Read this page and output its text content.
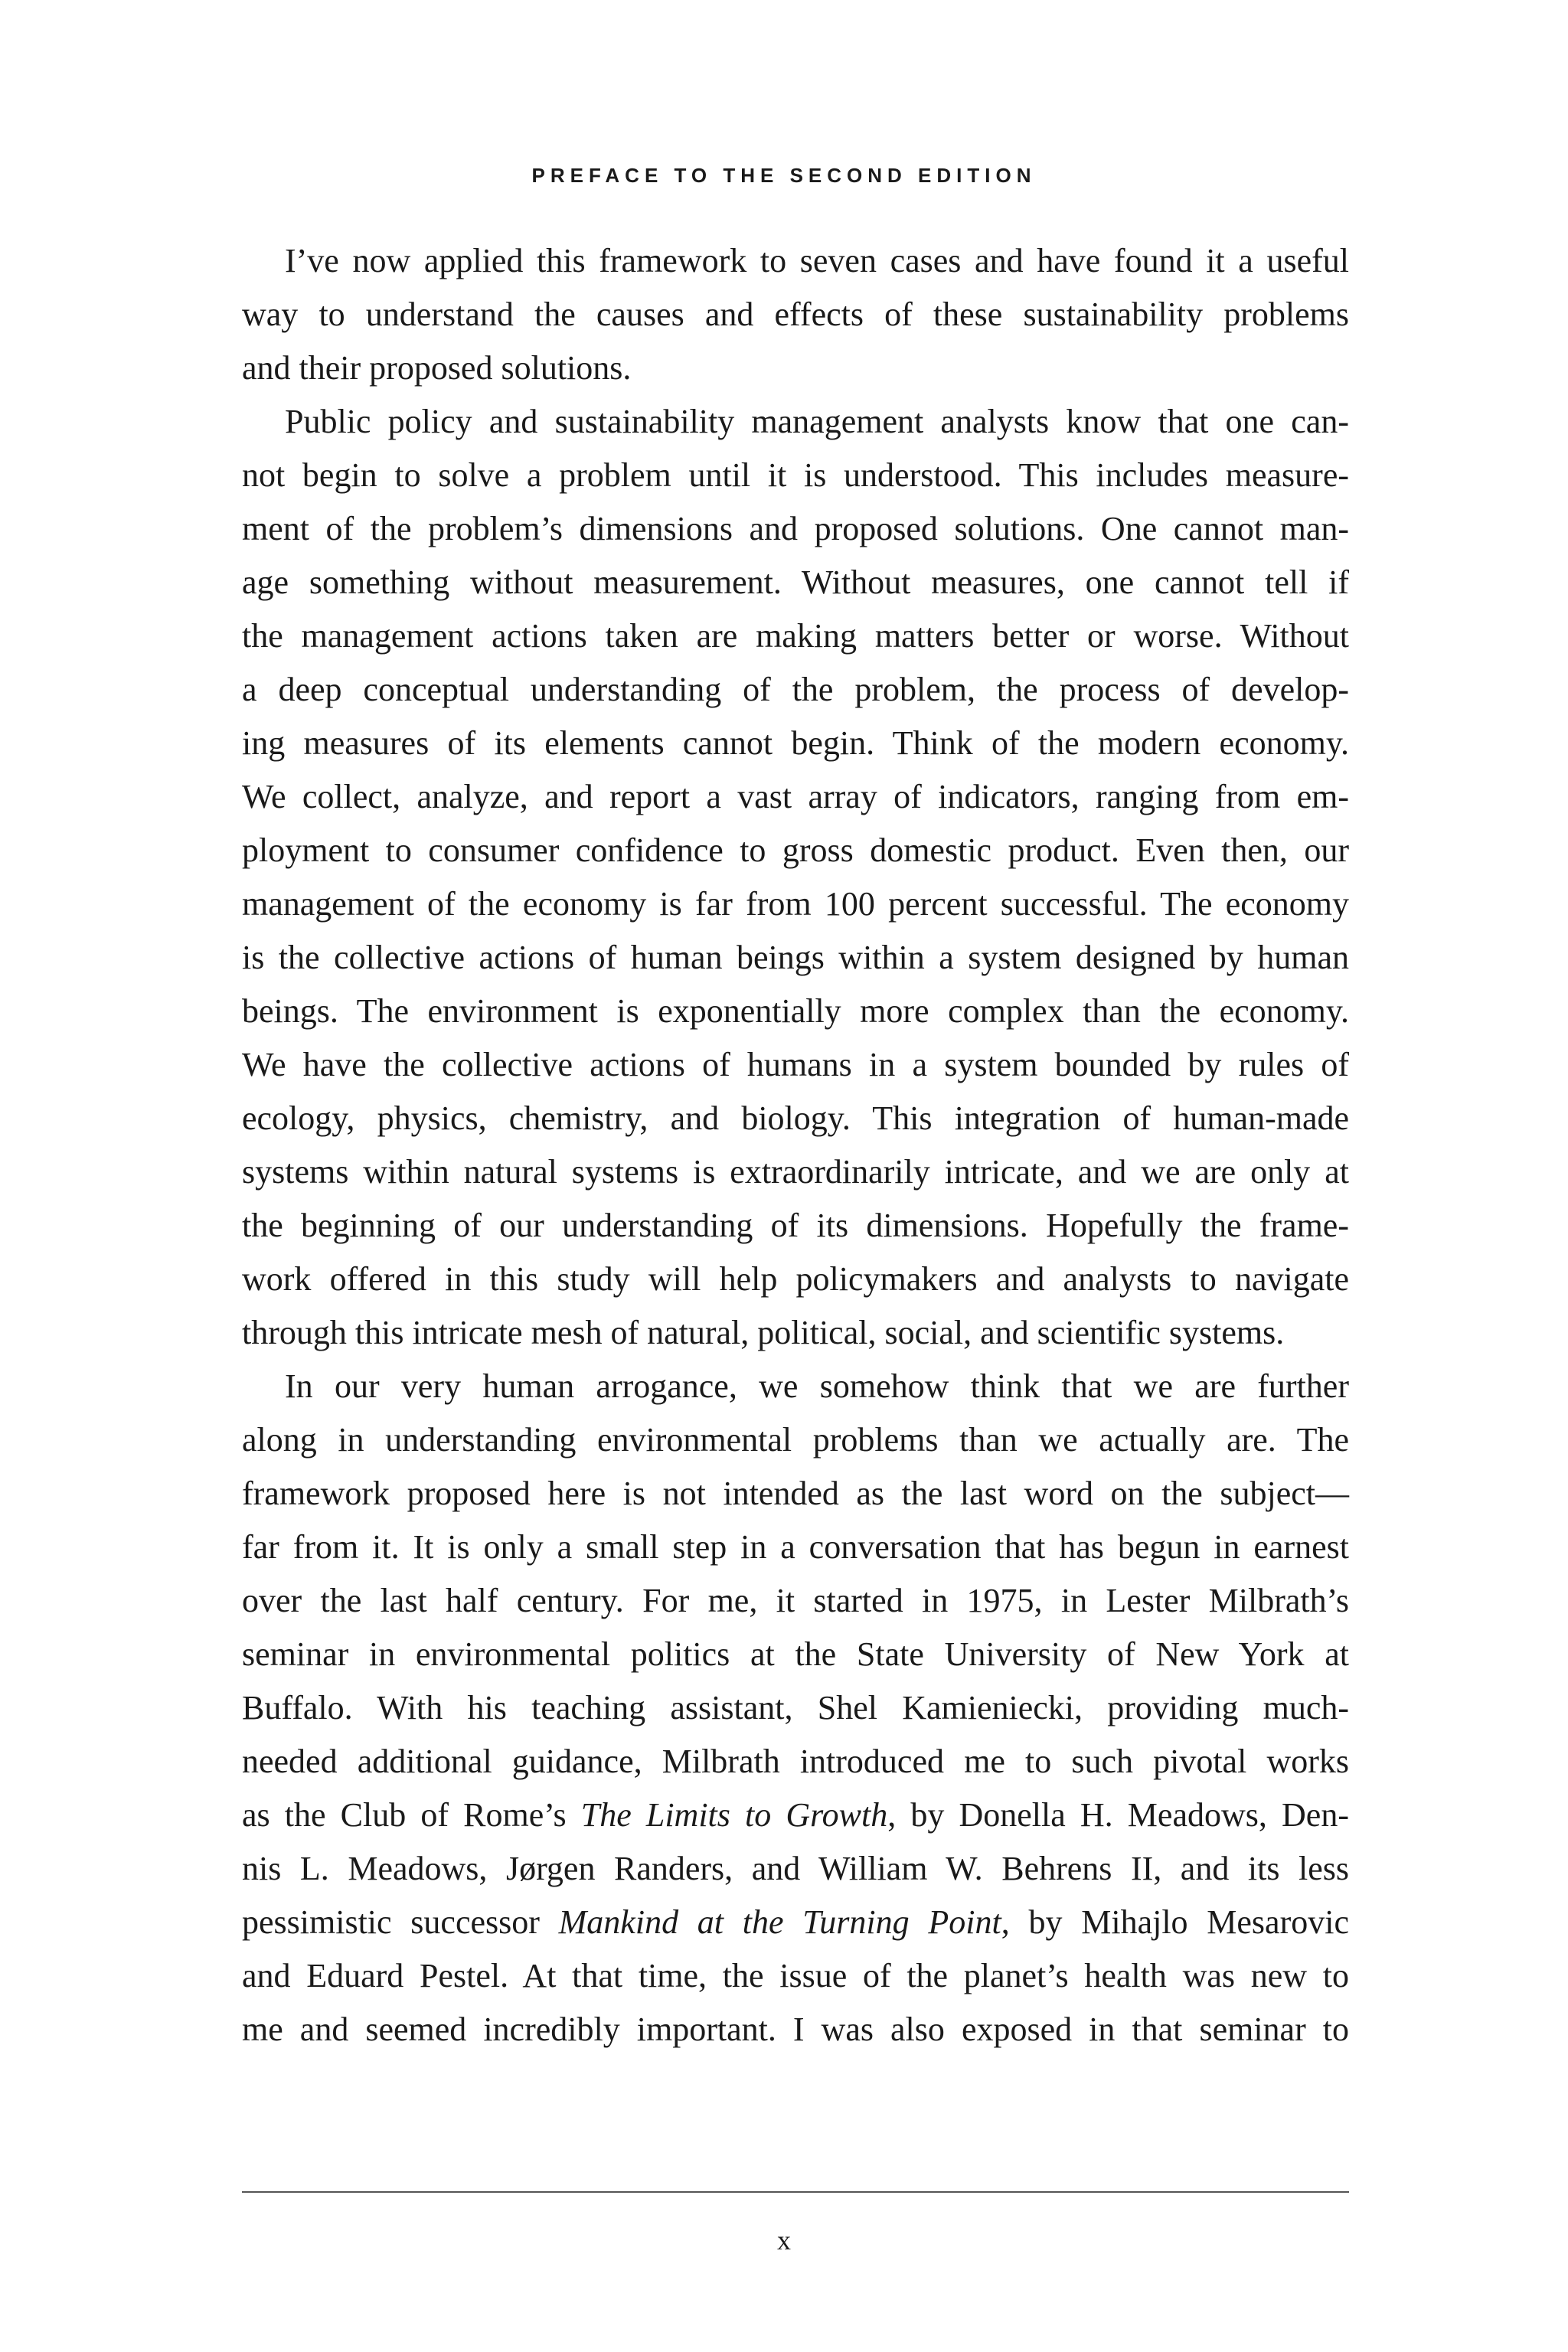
PREFACE TO THE SECOND EDITION
I’ve now applied this framework to seven cases and have found it a useful
way to understand the causes and effects of these sustainability problems
and their proposed solutions.
Public policy and sustainability management analysts know that one can-
not begin to solve a problem until it is understood. This includes measure-
ment of the problem’s dimensions and proposed solutions. One cannot man-
age something without measurement. Without measures, one cannot tell if
the management actions taken are making matters better or worse. Without
a deep conceptual understanding of the problem, the process of develop-
ing measures of its elements cannot begin. Think of the modern economy.
We collect, analyze, and report a vast array of indicators, ranging from em-
ployment to consumer confidence to gross domestic product. Even then, our
management of the economy is far from 100 percent successful. The economy
is the collective actions of human beings within a system designed by human
beings. The environment is exponentially more complex than the economy.
We have the collective actions of humans in a system bounded by rules of
ecology, physics, chemistry, and biology. This integration of human-made
systems within natural systems is extraordinarily intricate, and we are only at
the beginning of our understanding of its dimensions. Hopefully the frame-
work offered in this study will help policymakers and analysts to navigate
through this intricate mesh of natural, political, social, and scientific systems.
In our very human arrogance, we somehow think that we are further
along in understanding environmental problems than we actually are. The
framework proposed here is not intended as the last word on the subject—
far from it. It is only a small step in a conversation that has begun in earnest
over the last half century. For me, it started in 1975, in Lester Milbrath’s
seminar in environmental politics at the State University of New York at
Buffalo. With his teaching assistant, Shel Kamieniecki, providing much-
needed additional guidance, Milbrath introduced me to such pivotal works
as the Club of Rome’s The Limits to Growth, by Donella H. Meadows, Den-
nis L. Meadows, Jørgen Randers, and William W. Behrens II, and its less
pessimistic successor Mankind at the Turning Point, by Mihajlo Mesarovic
and Eduard Pestel. At that time, the issue of the planet’s health was new to
me and seemed incredibly important. I was also exposed in that seminar to
x
